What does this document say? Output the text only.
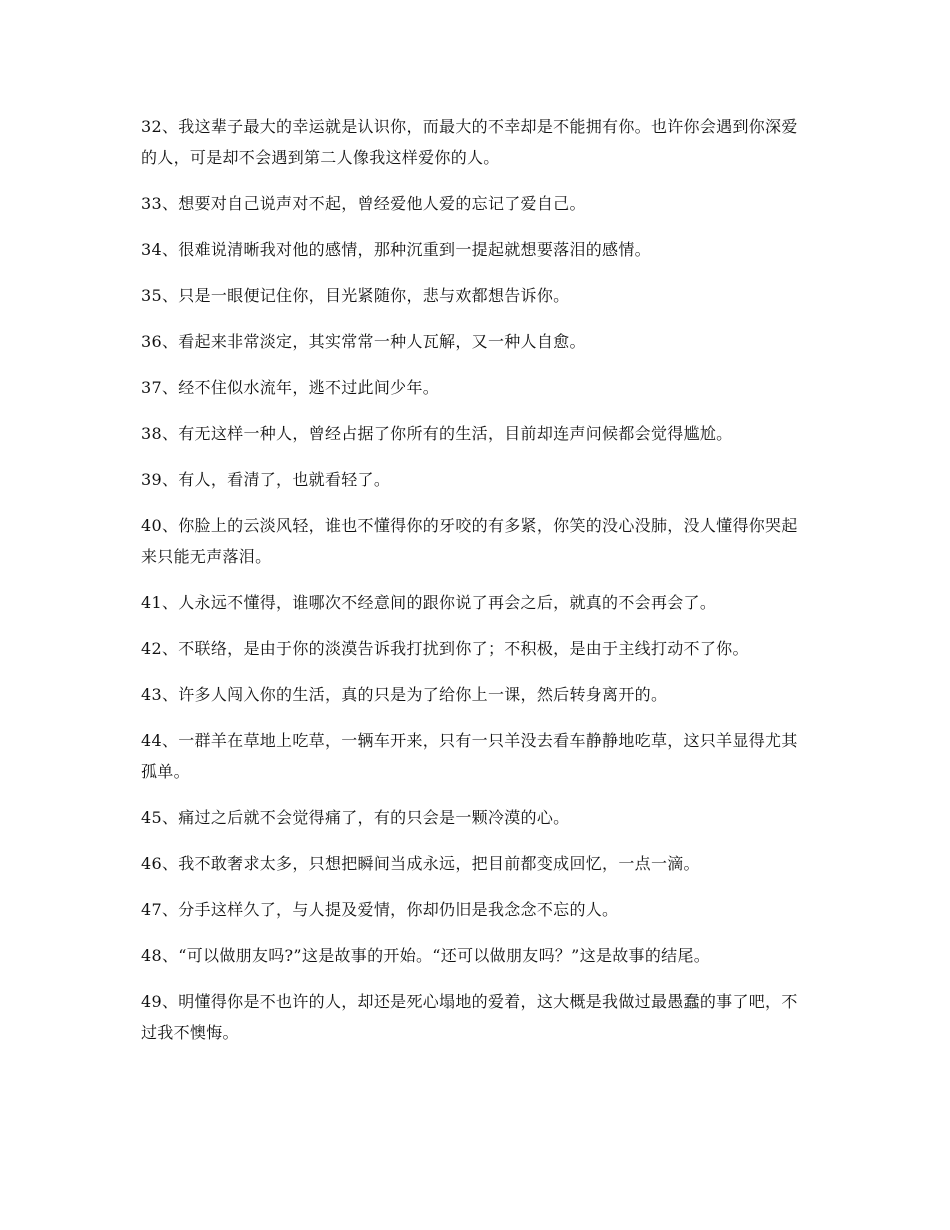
32、我这辈子最大的幸运就是认识你，而最大的不幸却是不能拥有你。也许你会遇到你深爱的人，可是却不会遇到第二人像我这样爱你的人。

33、想要对自己说声对不起，曾经爱他人爱的忘记了爱自己。

34、很难说清晰我对他的感情，那种沉重到一提起就想要落泪的感情。

35、只是一眼便记住你，目光紧随你，悲与欢都想告诉你。

36、看起来非常淡定，其实常常一种人瓦解，又一种人自愈。

37、经不住似水流年，逃不过此间少年。

38、有无这样一种人，曾经占据了你所有的生活，目前却连声问候都会觉得尴尬。

39、有人，看清了，也就看轻了。

40、你脸上的云淡风轻，谁也不懂得你的牙咬的有多紧，你笑的没心没肺，没人懂得你哭起来只能无声落泪。

41、人永远不懂得，谁哪次不经意间的跟你说了再会之后，就真的不会再会了。

42、不联络，是由于你的淡漠告诉我打扰到你了；不积极，是由于主线打动不了你。

43、许多人闯入你的生活，真的只是为了给你上一课，然后转身离开的。

44、一群羊在草地上吃草，一辆车开来，只有一只羊没去看车静静地吃草，这只羊显得尤其孤单。

45、痛过之后就不会觉得痛了，有的只会是一颗冷漠的心。

46、我不敢奢求太多，只想把瞬间当成永远，把目前都变成回忆，一点一滴。

47、分手这样久了，与人提及爱情，你却仍旧是我念念不忘的人。

48、“可以做朋友吗?”这是故事的开始。“还可以做朋友吗？”这是故事的结尾。

49、明懂得你是不也许的人，却还是死心塌地的爱着，这大概是我做过最愚蠢的事了吧，不过我不懊悔。
